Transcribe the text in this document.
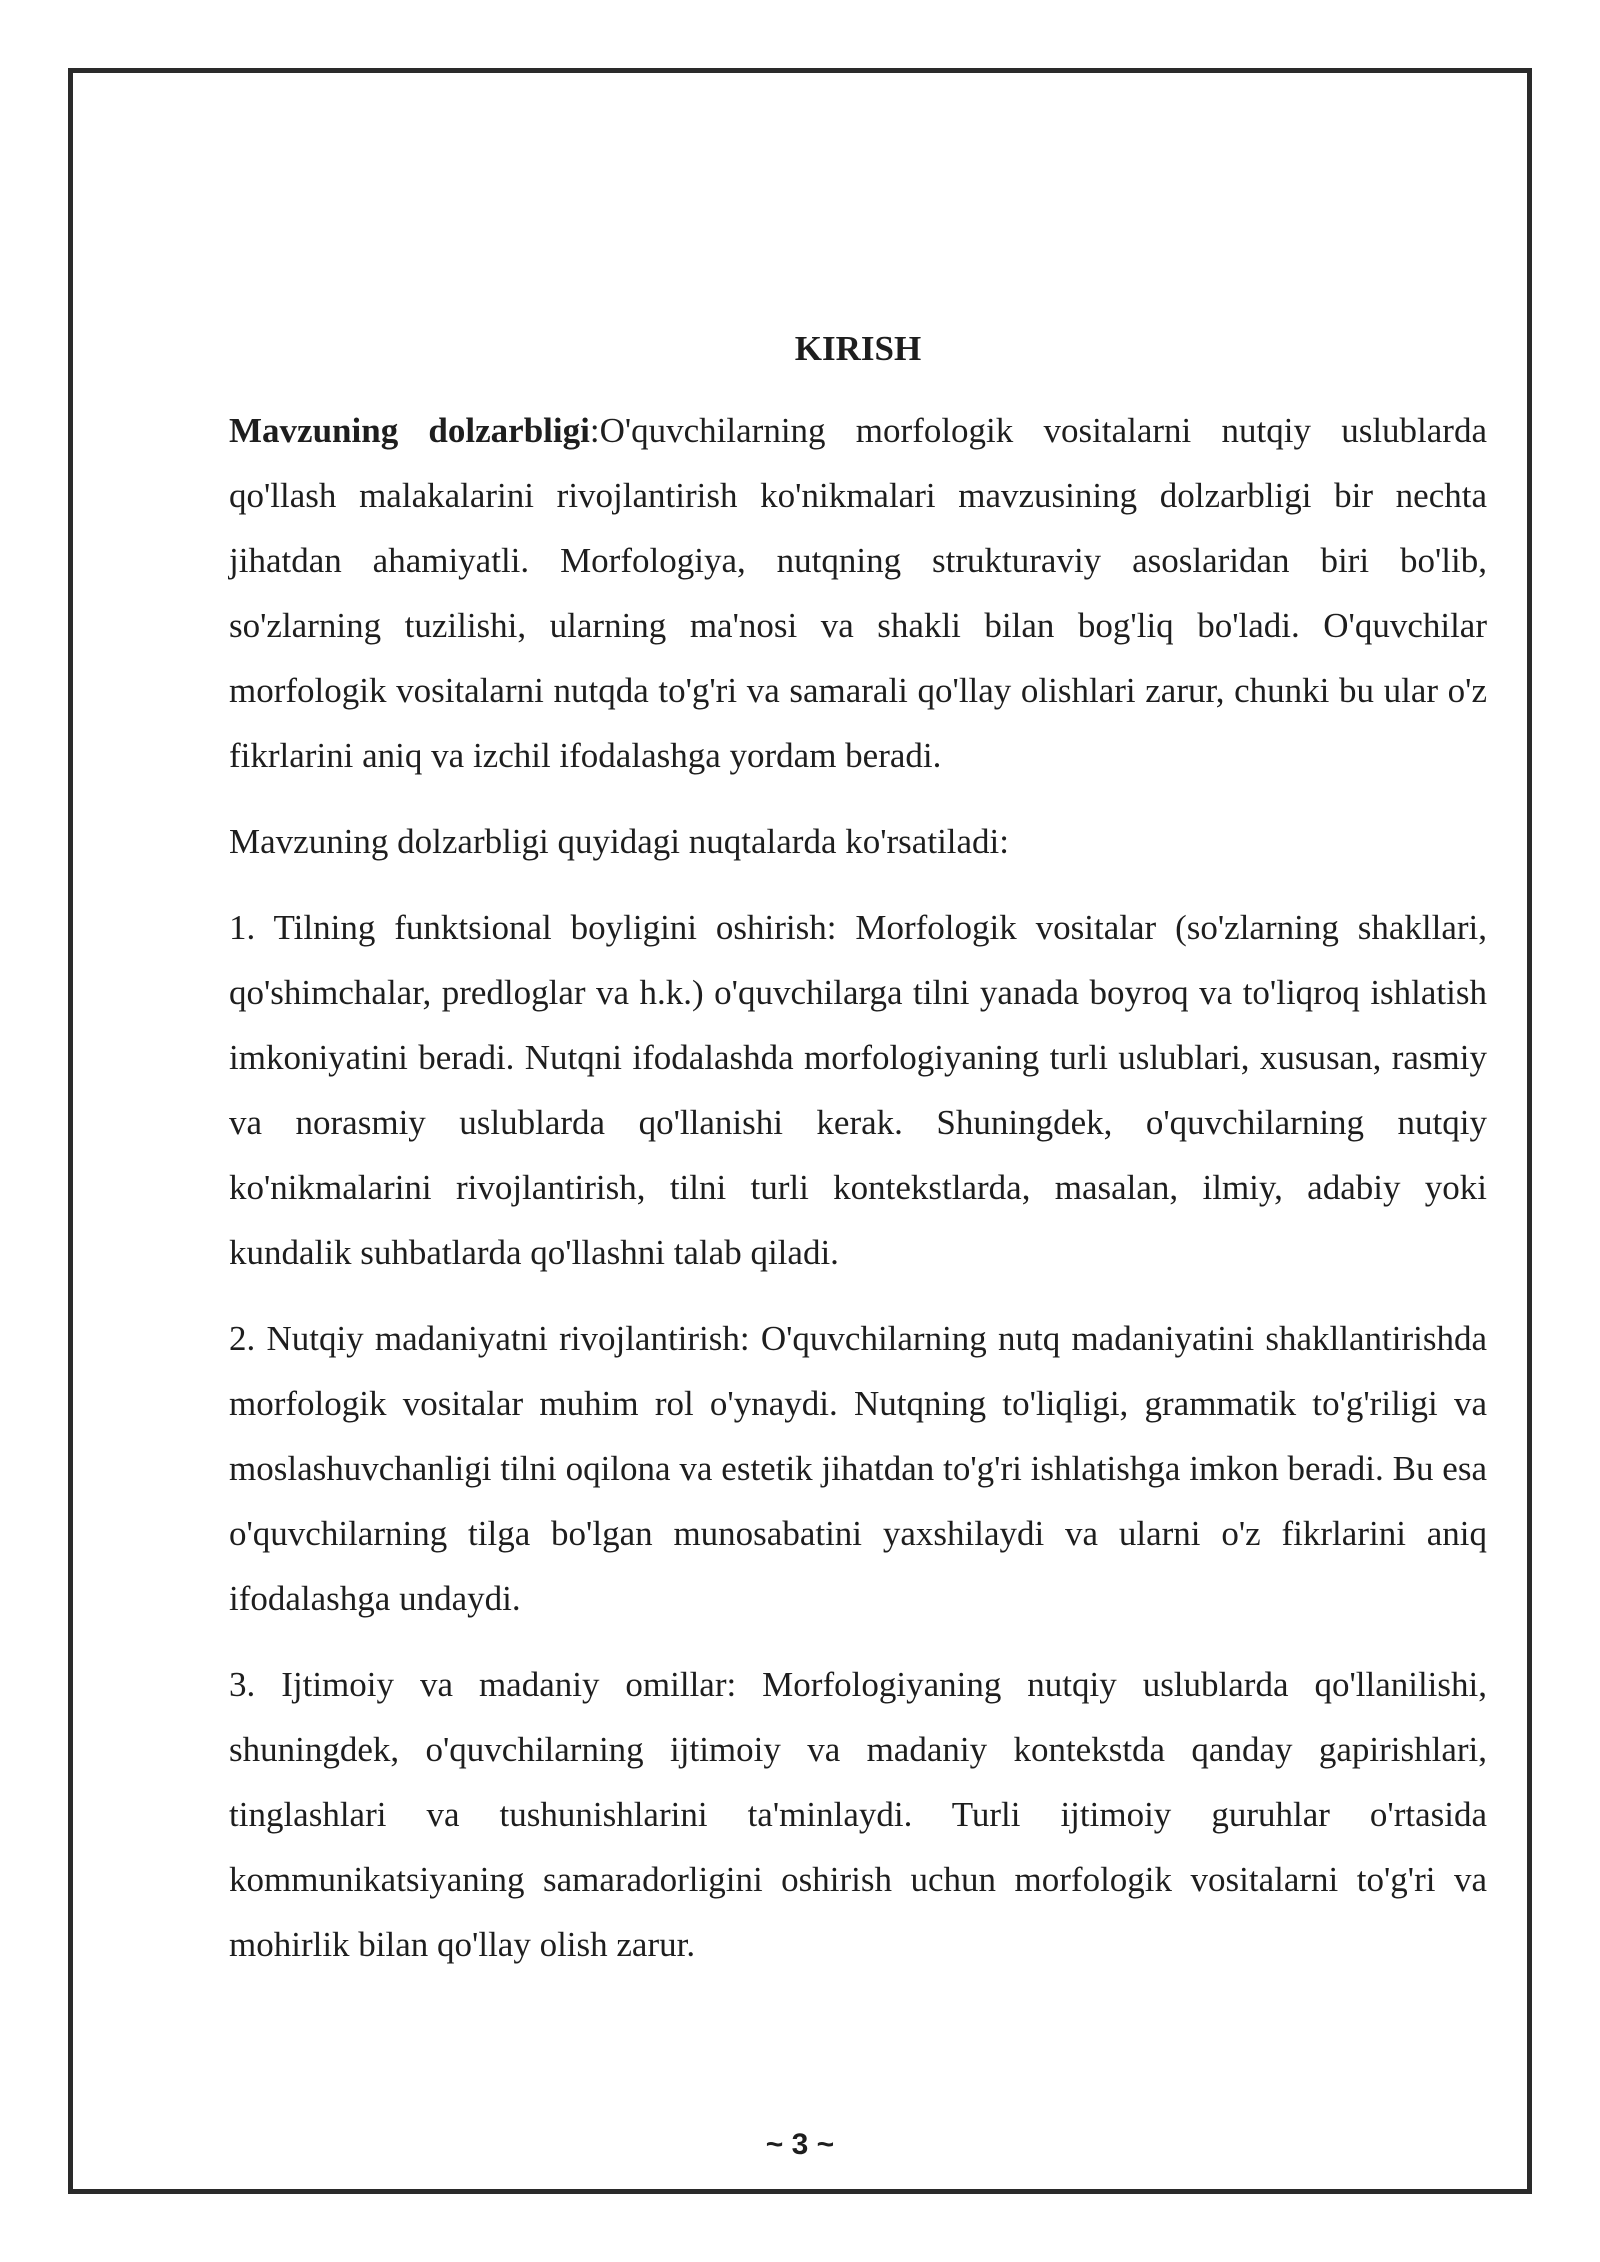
KIRISH

Mavzuning dolzarbligi:O'quvchilarning morfologik vositalarni nutqiy uslublarda qo'llash malakalarini rivojlantirish ko'nikmalari mavzusining dolzarbligi bir nechta jihatdan ahamiyatli. Morfologiya, nutqning strukturaviy asoslaridan biri bo'lib, so'zlarning tuzilishi, ularning ma'nosi va shakli bilan bog'liq bo'ladi. O'quvchilar morfologik vositalarni nutqda to'g'ri va samarali qo'llay olishlari zarur, chunki bu ular o'z fikrlarini aniq va izchil ifodalashga yordam beradi.

Mavzuning dolzarbligi quyidagi nuqtalarda ko'rsatiladi:

1. Tilning funktsional boyligini oshirish: Morfologik vositalar (so'zlarning shakllari, qo'shimchalar, predloglar va h.k.) o'quvchilarga tilni yanada boyroq va to'liqroq ishlatish imkoniyatini beradi. Nutqni ifodalashda morfologiyaning turli uslublari, xususan, rasmiy va norasmiy uslublarda qo'llanishi kerak. Shuningdek, o'quvchilarning nutqiy ko'nikmalarini rivojlantirish, tilni turli kontekstlarda, masalan, ilmiy, adabiy yoki kundalik suhbatlarda qo'llashni talab qiladi.

2. Nutqiy madaniyatni rivojlantirish: O'quvchilarning nutq madaniyatini shakllantirishda morfologik vositalar muhim rol o'ynaydi. Nutqning to'liqligi, grammatik to'g'riligi va moslashuvchanligi tilni oqilona va estetik jihatdan to'g'ri ishlatishga imkon beradi. Bu esa o'quvchilarning tilga bo'lgan munosabatini yaxshilaydi va ularni o'z fikrlarini aniq ifodalashga undaydi.

3. Ijtimoiy va madaniy omillar: Morfologiyaning nutqiy uslublarda qo'llanilishi, shuningdek, o'quvchilarning ijtimoiy va madaniy kontekstda qanday gapirishlari, tinglashlari va tushunishlarini ta'minlaydi. Turli ijtimoiy guruhlar o'rtasida kommunikatsiyaning samaradorligini oshirish uchun morfologik vositalarni to'g'ri va mohirlik bilan qo'llay olish zarur.

~ 3 ~
